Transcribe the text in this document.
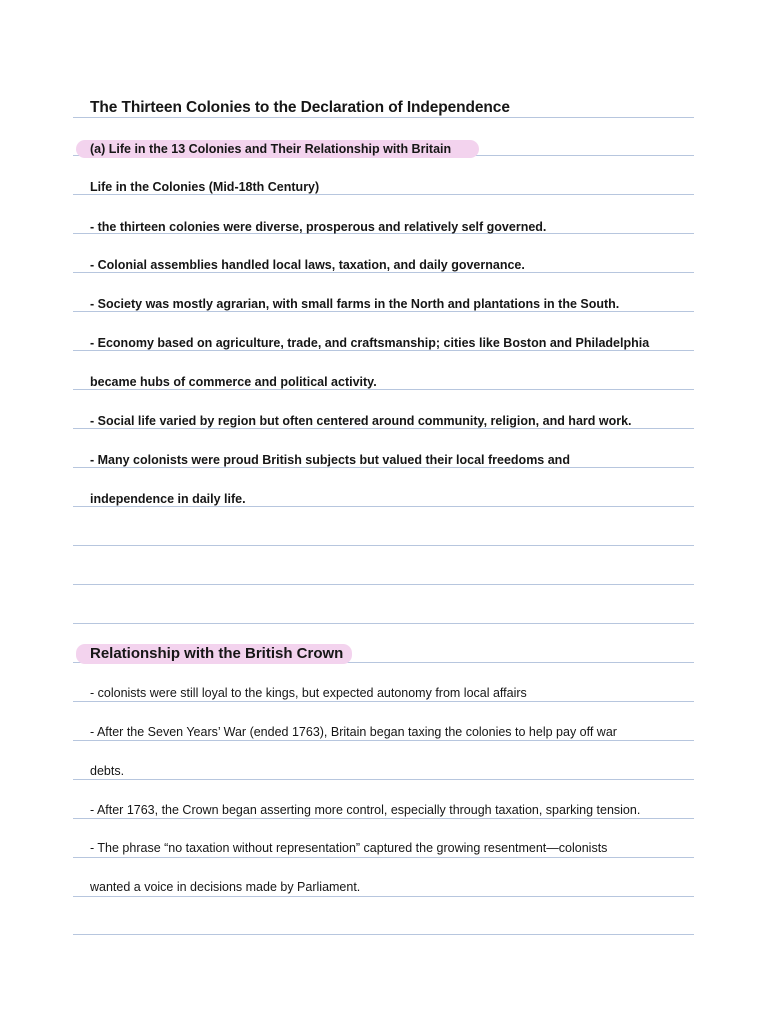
The Thirteen Colonies to the Declaration of Independence
(a) Life in the 13 Colonies and Their Relationship with Britain
Life in the Colonies (Mid-18th Century)
- the thirteen colonies were diverse, prosperous and relatively self governed.
- Colonial assemblies handled local laws, taxation, and daily governance.
- Society was mostly agrarian, with small farms in the North and plantations in the South.
- Economy based on agriculture, trade, and craftsmanship; cities like Boston and Philadelphia
became hubs of commerce and political activity.
- Social life varied by region but often centered around community, religion, and hard work.
- Many colonists were proud British subjects but valued their local freedoms and
independence in daily life.
Relationship with the British Crown
- colonists were still loyal to the kings, but expected autonomy from local affairs
- After the Seven Years’ War (ended 1763), Britain began taxing the colonies to help pay off war
debts.
- After 1763, the Crown began asserting more control, especially through taxation, sparking tension.
- The phrase “no taxation without representation” captured the growing resentment—colonists
wanted a voice in decisions made by Parliament.
